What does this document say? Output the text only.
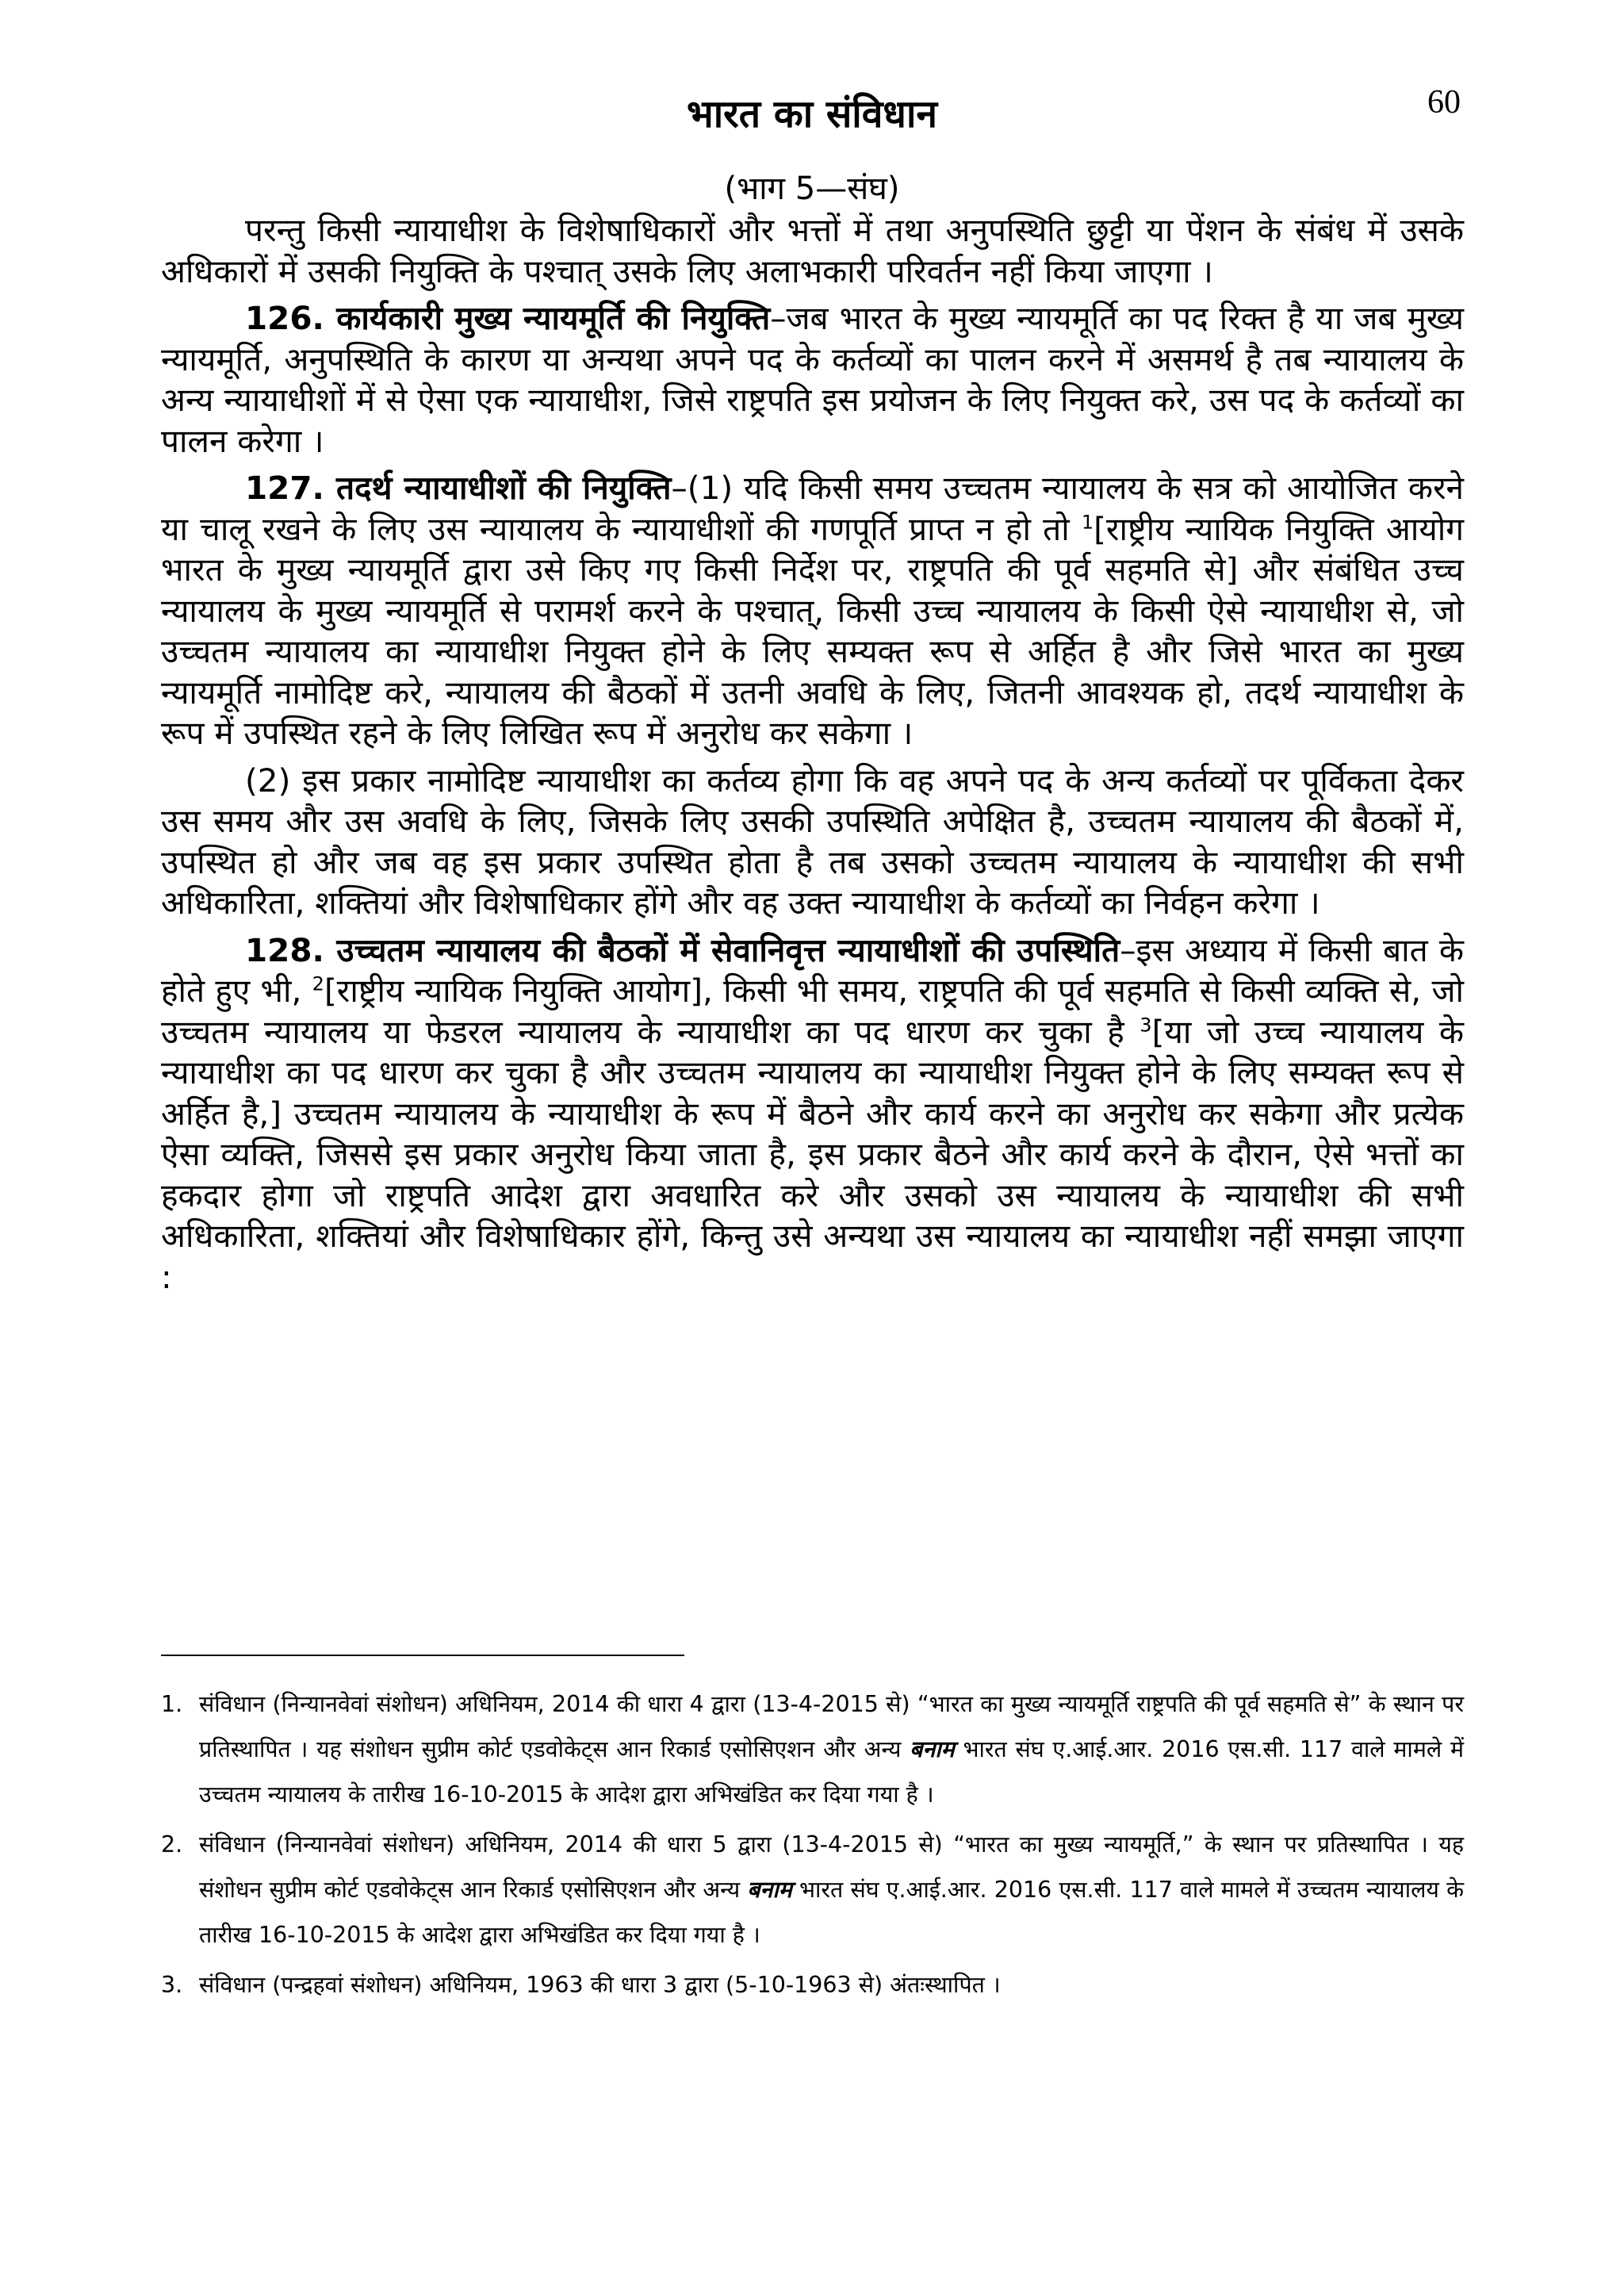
60
भारत का संविधान
(भाग 5—संघ)

परन्तु किसी न्यायाधीश के विशेषाधिकारों और भत्तों में तथा अनुपस्थिति छुट्टी या पेंशन के संबंध में उसके अधिकारों में उसकी नियुक्ति के पश्चात् उसके लिए अलाभकारी परिवर्तन नहीं किया जाएगा ।

126. कार्यकारी मुख्य न्यायमूर्ति की नियुक्ति–जब भारत के मुख्य न्यायमूर्ति का पद रिक्त है या जब मुख्य न्यायमूर्ति, अनुपस्थिति के कारण या अन्यथा अपने पद के कर्तव्यों का पालन करने में असमर्थ है तब न्यायालय के अन्य न्यायाधीशों में से ऐसा एक न्यायाधीश, जिसे राष्ट्रपति इस प्रयोजन के लिए नियुक्त करे, उस पद के कर्तव्यों का पालन करेगा ।

127. तदर्थ न्यायाधीशों की नियुक्ति–(1) यदि किसी समय उच्चतम न्यायालय के सत्र को आयोजित करने या चालू रखने के लिए उस न्यायालय के न्यायाधीशों की गणपूर्ति प्राप्त न हो तो $^1$[राष्ट्रीय न्यायिक नियुक्ति आयोग भारत के मुख्य न्यायमूर्ति द्वारा उसे किए गए किसी निर्देश पर, राष्ट्रपति की पूर्व सहमति से] और संबंधित उच्च न्यायालय के मुख्य न्यायमूर्ति से परामर्श करने के पश्चात्, किसी उच्च न्यायालय के किसी ऐसे न्यायाधीश से, जो उच्चतम न्यायालय का न्यायाधीश नियुक्त होने के लिए सम्यक्त रूप से अर्हित है और जिसे भारत का मुख्य न्यायमूर्ति नामोदिष्ट करे, न्यायालय की बैठकों में उतनी अवधि के लिए, जितनी आवश्यक हो, तदर्थ न्यायाधीश के रूप में उपस्थित रहने के लिए लिखित रूप में अनुरोध कर सकेगा ।

(2) इस प्रकार नामोदिष्ट न्यायाधीश का कर्तव्य होगा कि वह अपने पद के अन्य कर्तव्यों पर पूर्विकता देकर उस समय और उस अवधि के लिए, जिसके लिए उसकी उपस्थिति अपेक्षित है, उच्चतम न्यायालय की बैठकों में, उपस्थित हो और जब वह इस प्रकार उपस्थित होता है तब उसको उच्चतम न्यायालय के न्यायाधीश की सभी अधिकारिता, शक्तियां और विशेषाधिकार होंगे और वह उक्त न्यायाधीश के कर्तव्यों का निर्वहन करेगा ।

128. उच्चतम न्यायालय की बैठकों में सेवानिवृत्त न्यायाधीशों की उपस्थिति–इस अध्याय में किसी बात के होते हुए भी, $^2$[राष्ट्रीय न्यायिक नियुक्ति आयोग], किसी भी समय, राष्ट्रपति की पूर्व सहमति से किसी व्यक्ति से, जो उच्चतम न्यायालय या फेडरल न्यायालय के न्यायाधीश का पद धारण कर चुका है $^3$[या जो उच्च न्यायालय के न्यायाधीश का पद धारण कर चुका है और उच्चतम न्यायालय का न्यायाधीश नियुक्त होने के लिए सम्यक्त रूप से अर्हित है,] उच्चतम न्यायालय के न्यायाधीश के रूप में बैठने और कार्य करने का अनुरोध कर सकेगा और प्रत्येक ऐसा व्यक्ति, जिससे इस प्रकार अनुरोध किया जाता है, इस प्रकार बैठने और कार्य करने के दौरान, ऐसे भत्तों का हकदार होगा जो राष्ट्रपति आदेश द्वारा अवधारित करे और उसको उस न्यायालय के न्यायाधीश की सभी अधिकारिता, शक्तियां और विशेषाधिकार होंगे, किन्तु उसे अन्यथा उस न्यायालय का न्यायाधीश नहीं समझा जाएगा :

1. संविधान (निन्यानवेवां संशोधन) अधिनियम, 2014 की धारा 4 द्वारा (13-4-2015 से) “भारत का मुख्य न्यायमूर्ति राष्ट्रपति की पूर्व सहमति से” के स्थान पर प्रतिस्थापित । यह संशोधन सुप्रीम कोर्ट एडवोकेट्स आन रिकार्ड एसोसिएशन और अन्य बनाम भारत संघ ए.आई.आर. 2016 एस.सी. 117 वाले मामले में उच्चतम न्यायालय के तारीख 16-10-2015 के आदेश द्वारा अभिखंडित कर दिया गया है ।
2. संविधान (निन्यानवेवां संशोधन) अधिनियम, 2014 की धारा 5 द्वारा (13-4-2015 से) “भारत का मुख्य न्यायमूर्ति,” के स्थान पर प्रतिस्थापित । यह संशोधन सुप्रीम कोर्ट एडवोकेट्स आन रिकार्ड एसोसिएशन और अन्य बनाम भारत संघ ए.आई.आर. 2016 एस.सी. 117 वाले मामले में उच्चतम न्यायालय के तारीख 16-10-2015 के आदेश द्वारा अभिखंडित कर दिया गया है ।
3. संविधान (पन्द्रहवां संशोधन) अधिनियम, 1963 की धारा 3 द्वारा (5-10-1963 से) अंतःस्थापित ।
